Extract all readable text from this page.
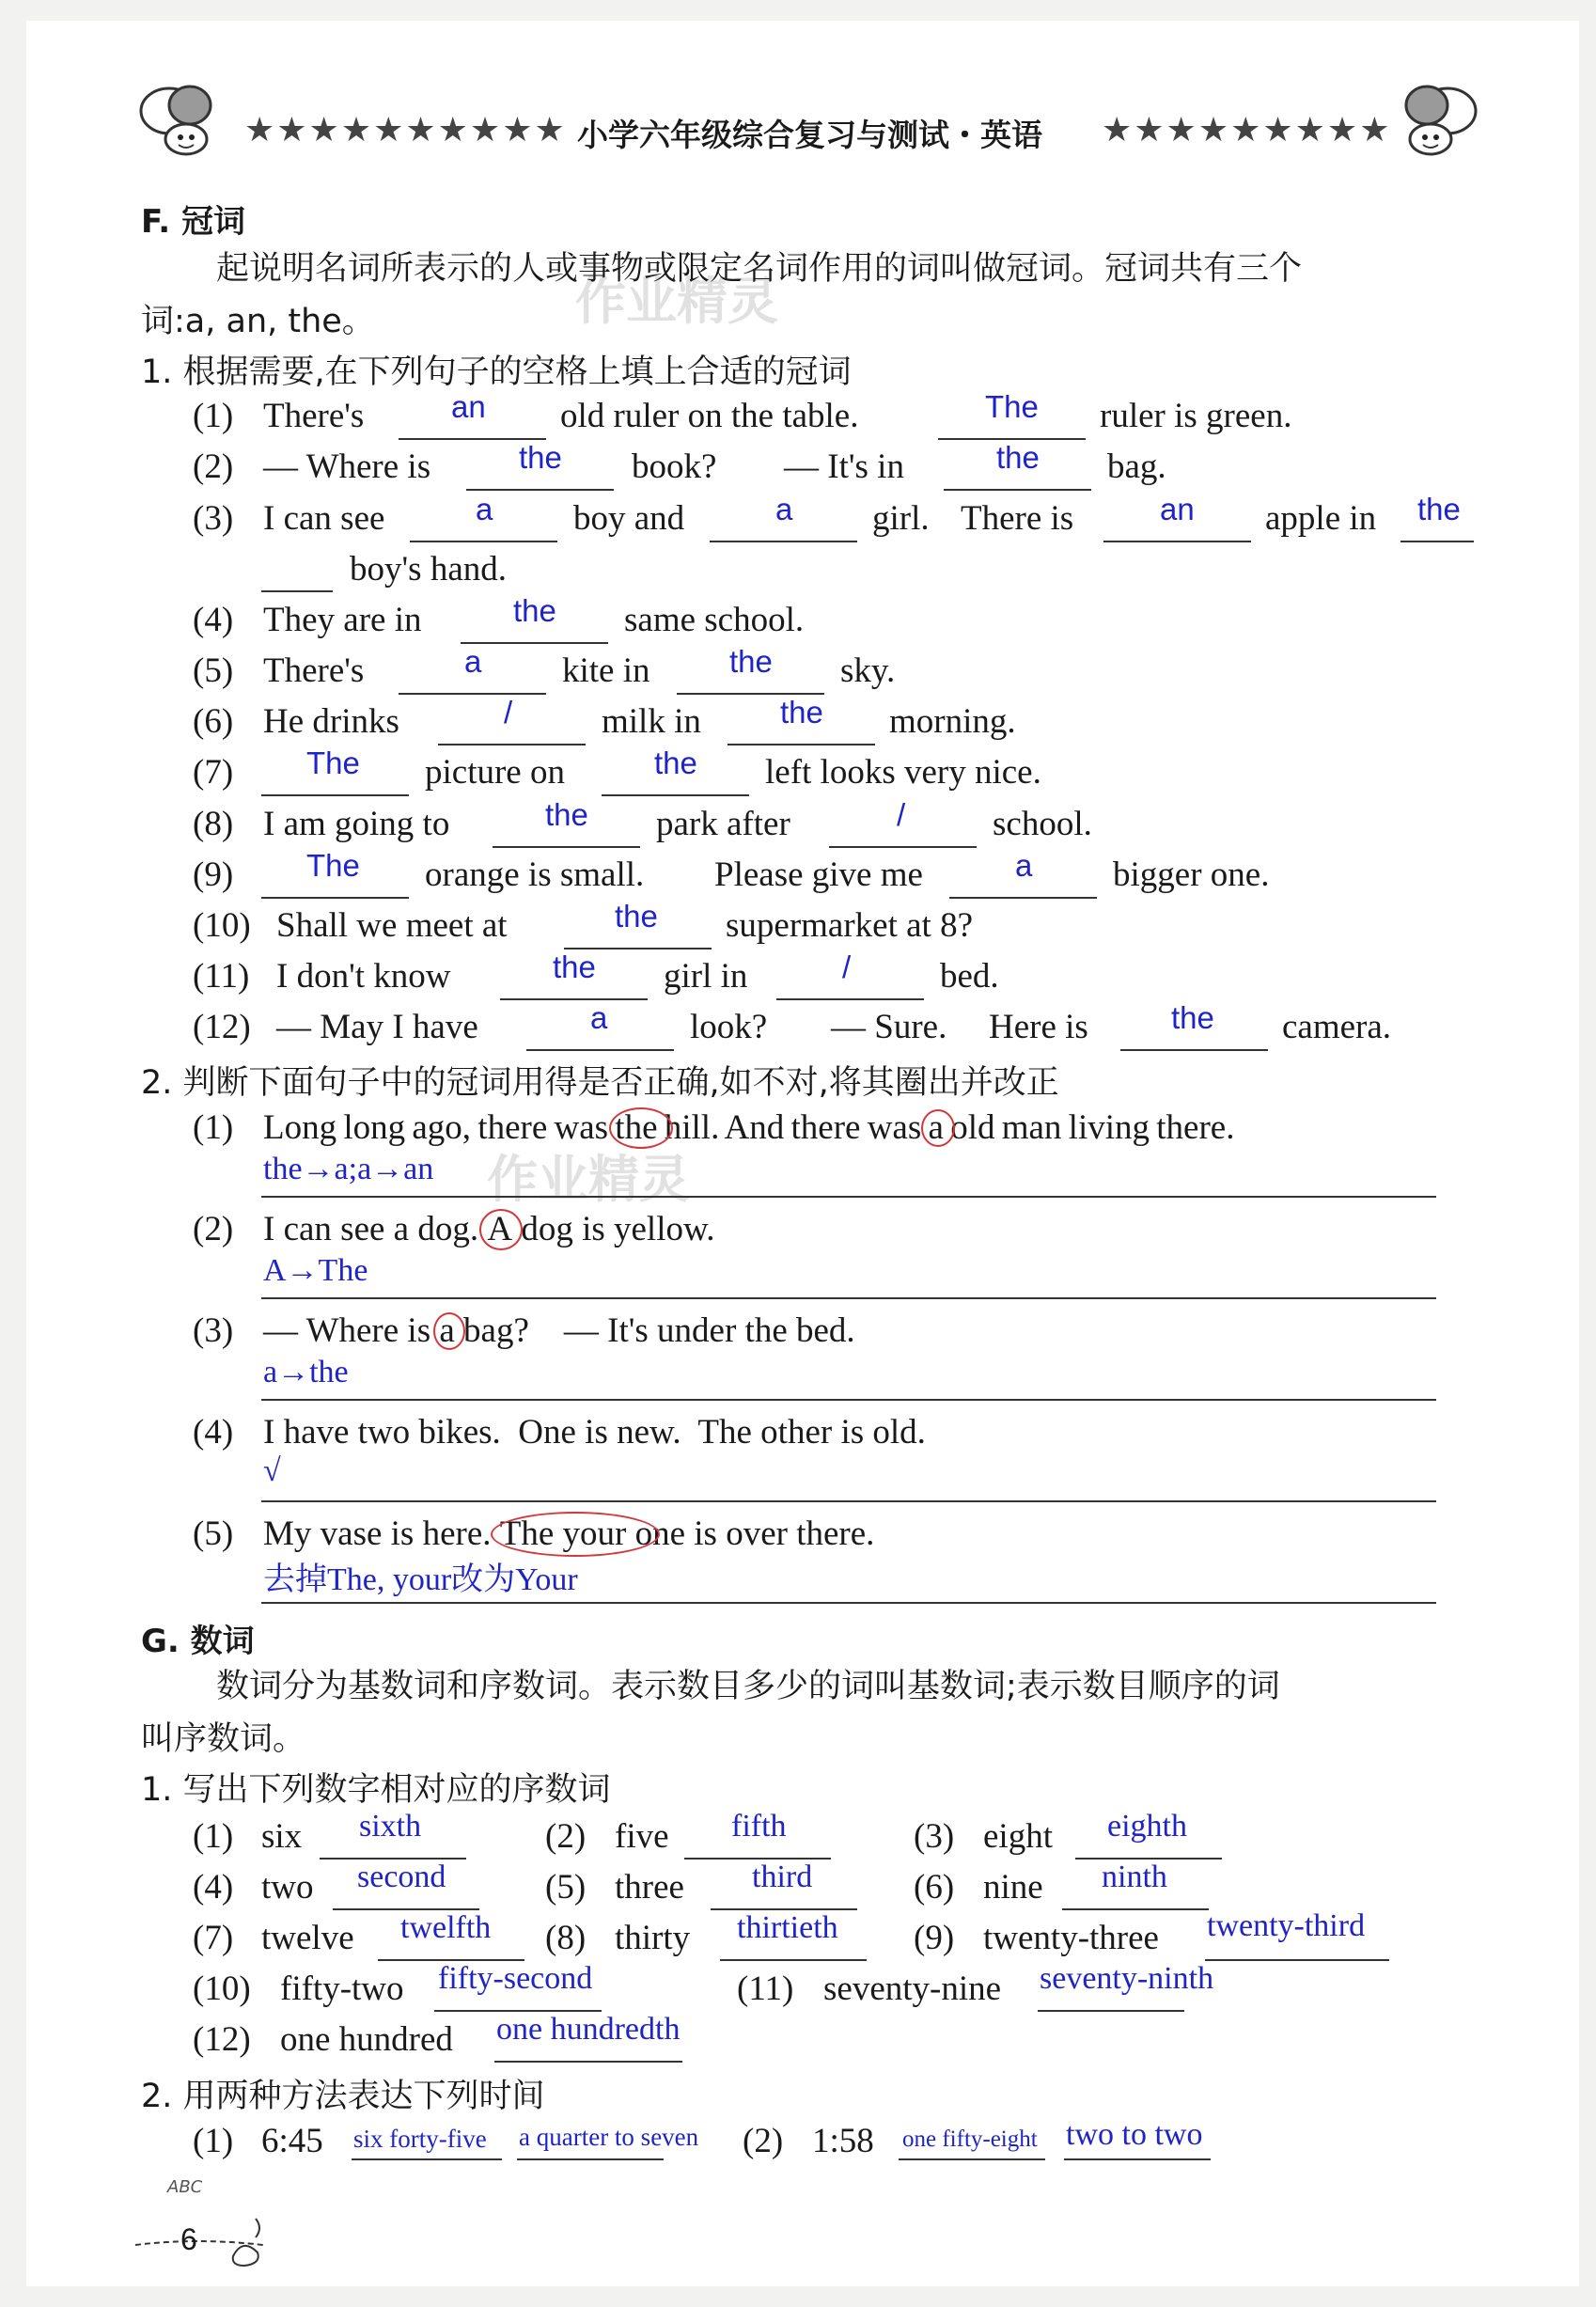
★★★★★★★★★★ 小学六年级综合复习与测试・英语 ★★★★★★★★★
作业精灵
作业精灵
F. 冠词
起说明名词所表示的人或事物或限定名词作用的词叫做冠词。冠词共有三个
词:a, an, the。
1. 根据需要,在下列句子的空格上填上合适的冠词
(1) There's	an old ruler on the table.	The ruler is green.
(2) — Where is	the book? — It's in	the bag.
(3) I can see	a boy and	a girl. There is	an apple in the
boy's hand.
(4) They are in	the same school.
(5) There's	a kite in	the sky.
(6) He drinks	/	milk in	the morning.
(7) The picture on	the left looks very nice.
(8) I am going to	the park after	/	school.
(9) The orange is small. Please give me	a bigger one.
(10) Shall we meet at	the supermarket at 8?
(11) I don't know	the girl in	/	bed.
(12) — May I have	a look? — Sure. Here is	the camera.
2. 判断下面句子中的冠词用得是否正确,如不对,将其圈出并改正
(1) Long long ago, there was the hill. And there was a old man living there.
the→a;a→an
(2) I can see a dog. A dog is yellow.
A→The
(3) — Where is a bag?    — It's under the bed.
a→the
(4) I have two bikes.  One is new.  The other is old.
√
(5) My vase is here. The your one is over there.
去掉The, your改为Your
G. 数词
数词分为基数词和序数词。表示数目多少的词叫基数词;表示数目顺序的词
叫序数词。
1. 写出下列数字相对应的序数词
(1) six sixth	(2) five fifth	(3) eight eighth
(4) two second	(5) three third	(6) nine ninth
(7) twelve twelfth (8) thirty thirtieth (9) twenty-three twenty-third
(10) fifty-two fifty-second	(11) seventy-nine seventy-ninth
(12) one hundred one hundredth
2. 用两种方法表达下列时间
(1) 6:45 six forty-five a quarter to seven (2) 1:58 one fifty-eight two to two
ABC
6
